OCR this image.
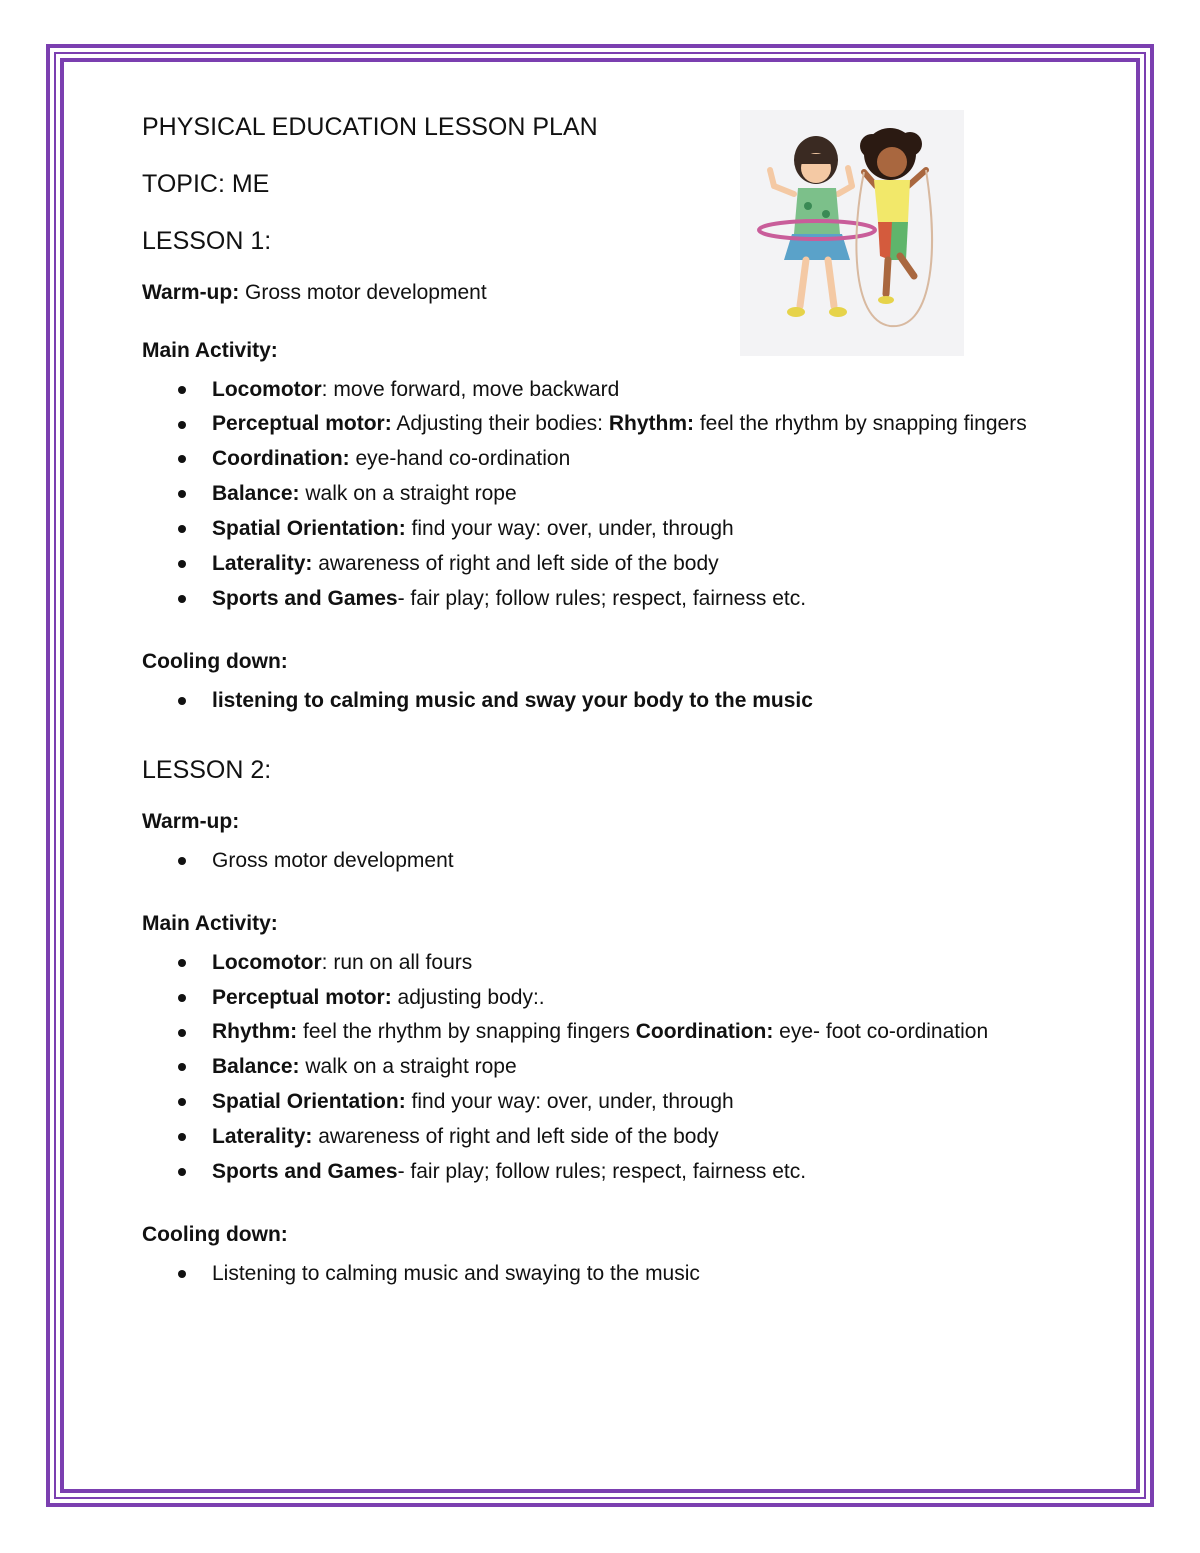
PHYSICAL EDUCATION LESSON PLAN

TOPIC: ME

LESSON 1:

Warm-up: Gross motor development

Main Activity:

Locomotor: move forward, move backward
Perceptual motor: Adjusting their bodies: Rhythm: feel the rhythm by snapping fingers
Coordination: eye-hand co-ordination
Balance: walk on a straight rope
Spatial Orientation: find your way: over, under, through
Laterality: awareness of right and left side of the body
Sports and Games- fair play; follow rules; respect, fairness etc.

Cooling down:

listening to calming music and sway your body to the music

LESSON 2:

Warm-up:

Gross motor development

Main Activity:

Locomotor: run on all fours
Perceptual motor: adjusting body:.
Rhythm: feel the rhythm by snapping fingers Coordination: eye- foot co-ordination
Balance: walk on a straight rope
Spatial Orientation: find your way: over, under, through
Laterality: awareness of right and left side of the body
Sports and Games- fair play; follow rules; respect, fairness etc.

Cooling down:

Listening to calming music and swaying to the music
